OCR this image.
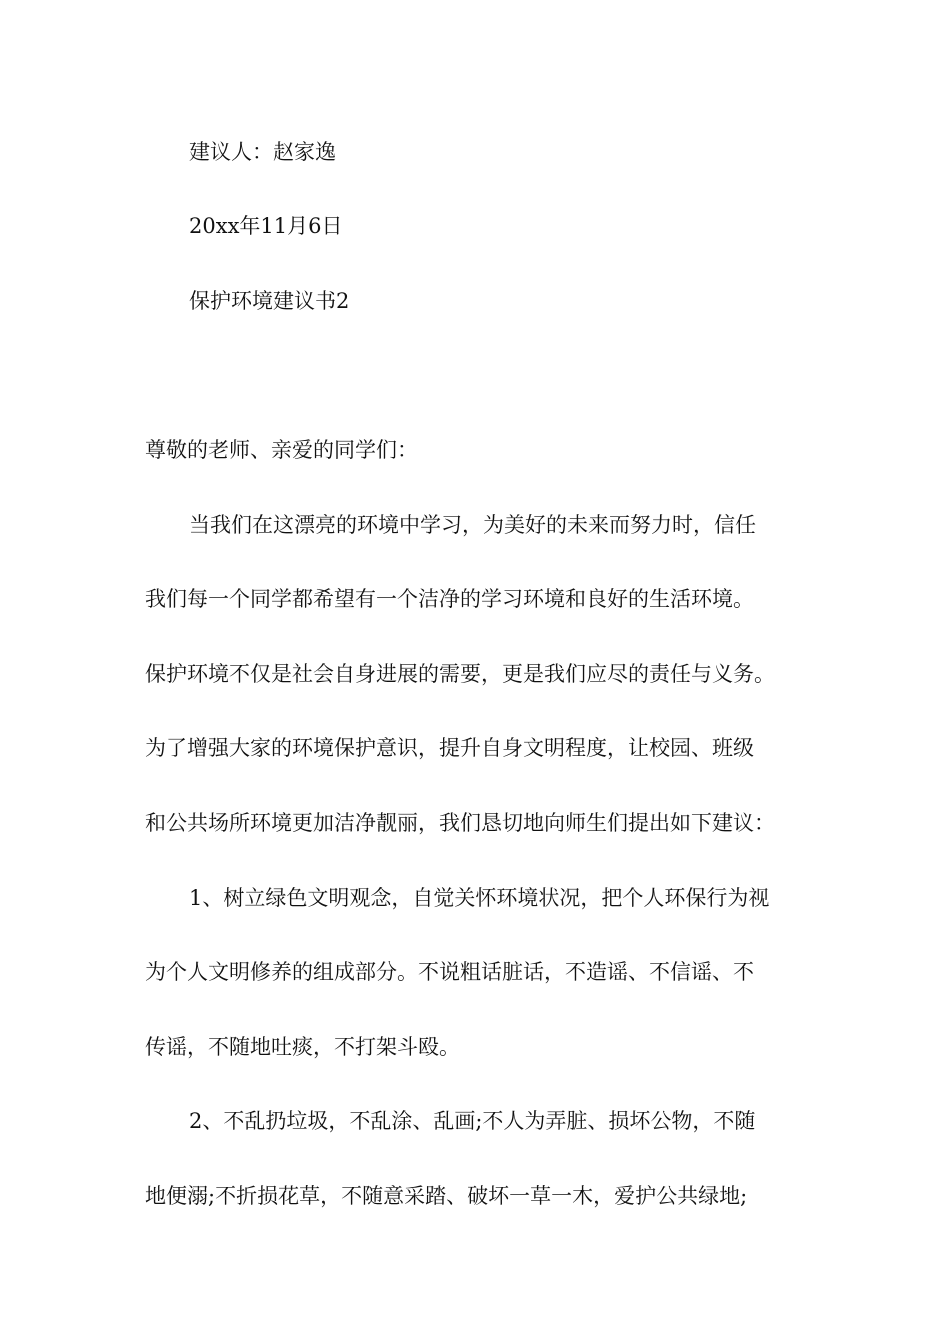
建议人：赵家逸
20xx年11月6日
保护环境建议书2
尊敬的老师、亲爱的同学们：
当我们在这漂亮的环境中学习，为美好的未来而努力时，信任
我们每一个同学都希望有一个洁净的学习环境和良好的生活环境。
保护环境不仅是社会自身进展的需要，更是我们应尽的责任与义务。
为了增强大家的环境保护意识，提升自身文明程度，让校园、班级
和公共场所环境更加洁净靓丽，我们恳切地向师生们提出如下建议：
1、树立绿色文明观念，自觉关怀环境状况，把个人环保行为视
为个人文明修养的组成部分。不说粗话脏话，不造谣、不信谣、不
传谣，不随地吐痰，不打架斗殴。
2、不乱扔垃圾，不乱涂、乱画;不人为弄脏、损坏公物，不随
地便溺;不折损花草，不随意采踏、破坏一草一木，爱护公共绿地;
